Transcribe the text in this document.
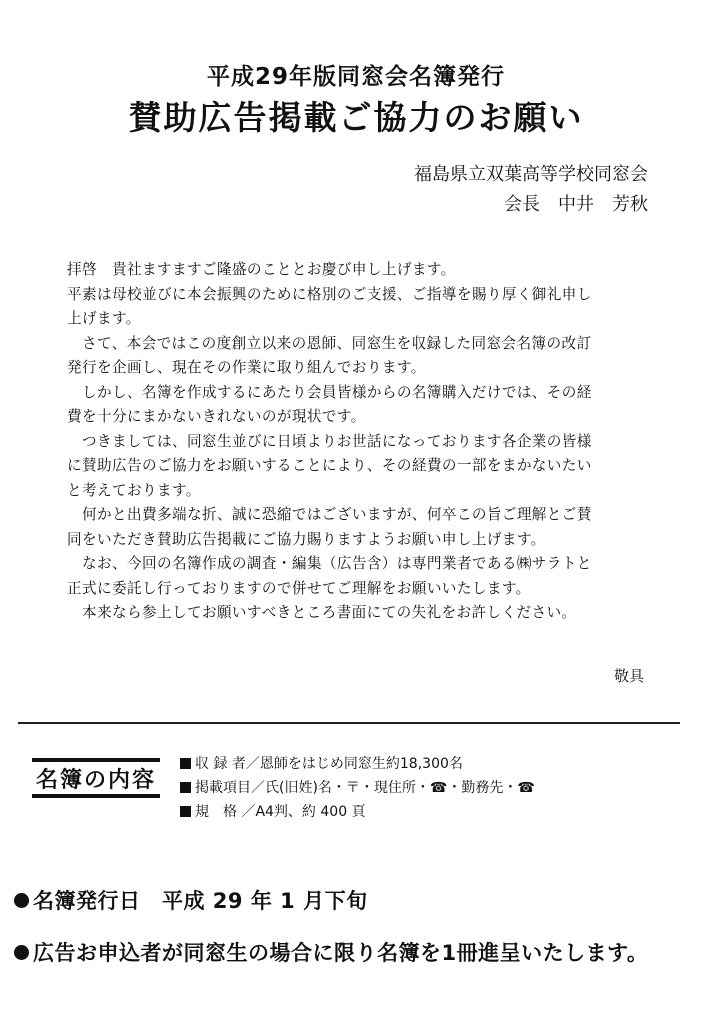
平成29年版同窓会名簿発行
賛助広告掲載ご協力のお願い
福島県立双葉高等学校同窓会
会長　中井　芳秋
拝啓　貴社ますますご隆盛のこととお慶び申し上げます。
平素は母校並びに本会振興のために格別のご支援、ご指導を賜り厚く御礼申し
上げます。
　さて、本会ではこの度創立以来の恩師、同窓生を収録した同窓会名簿の改訂
発行を企画し、現在その作業に取り組んでおります。
　しかし、名簿を作成するにあたり会員皆様からの名簿購入だけでは、その経
費を十分にまかないきれないのが現状です。
　つきましては、同窓生並びに日頃よりお世話になっております各企業の皆様
に賛助広告のご協力をお願いすることにより、その経費の一部をまかないたい
と考えております。
　何かと出費多端な折、誠に恐縮ではございますが、何卒この旨ご理解とご賛
同をいただき賛助広告掲載にご協力賜りますようお願い申し上げます。
　なお、今回の名簿作成の調査・編集（広告含）は専門業者である㈱サラトと
正式に委託し行っておりますので併せてご理解をお願いいたします。
　本来なら参上してお願いすべきところ書面にての失礼をお許しください。
敬具
名簿の内容
収 録 者／恩師をはじめ同窓生約18,300名
掲載項目／氏(旧姓)名・〒・現住所・☎・勤務先・☎
規　格 ／A4判、約 400 頁
名簿発行日　平成 29 年 1 月下旬
広告お申込者が同窓生の場合に限り名簿を1冊進呈いたします。
